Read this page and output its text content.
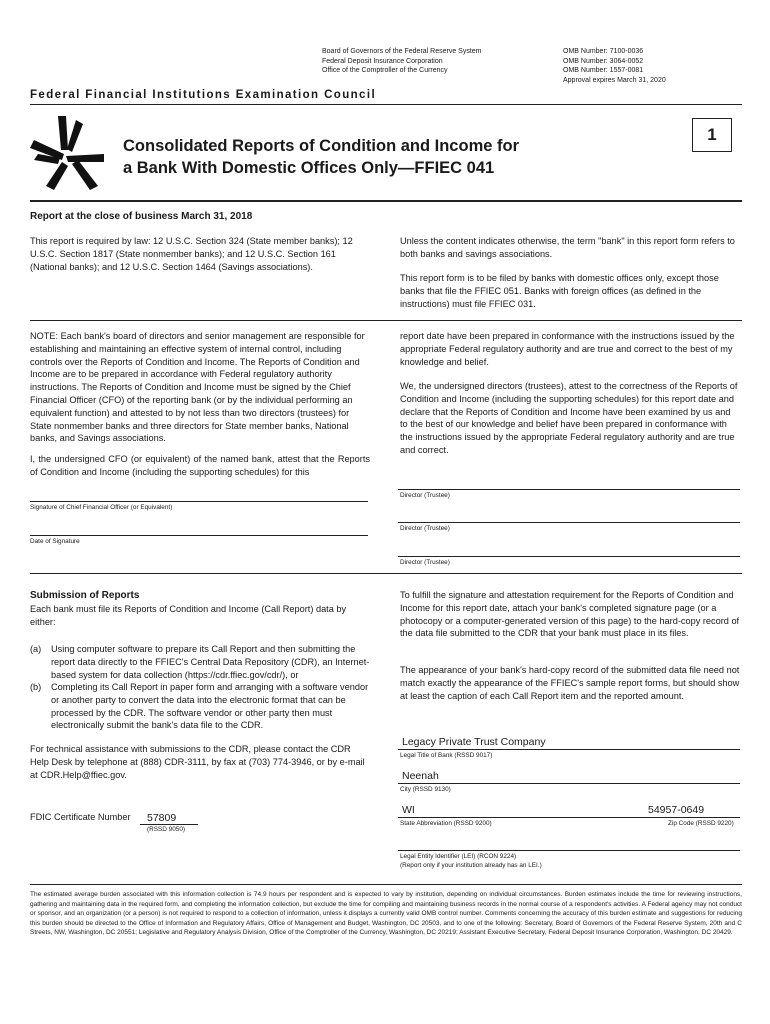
Board of Governors of the Federal Reserve System
Federal Deposit Insurance Corporation
Office of the Comptroller of the Currency
OMB Number: 7100-0036
OMB Number: 3064-0052
OMB Number: 1557-0081
Approval expires March 31, 2020
Federal Financial Institutions Examination Council
Consolidated Reports of Condition and Income for
a Bank With Domestic Offices Only—FFIEC 041
1
Report at the close of business March 31, 2018
This report is required by law: 12 U.S.C. Section 324 (State member banks); 12 U.S.C. Section 1817 (State nonmember banks); and 12 U.S.C. Section 161 (National banks); and 12 U.S.C. Section 1464 (Savings associations).
Unless the content indicates otherwise, the term "bank" in this report form refers to both banks and savings associations.
This report form is to be filed by banks with domestic offices only, except those banks that file the FFIEC 051. Banks with foreign offices (as defined in the instructions) must file FFIEC 031.
NOTE: Each bank's board of directors and senior management are responsible for establishing and maintaining an effective system of internal control, including controls over the Reports of Condition and Income. The Reports of Condition and Income are to be prepared in accordance with Federal regulatory authority instructions. The Reports of Condition and Income must be signed by the Chief Financial Officer (CFO) of the reporting bank (or by the individual performing an equivalent function) and attested to by not less than two directors (trustees) for State nonmember banks and three directors for State member banks, National banks, and Savings associations.
I, the undersigned CFO (or equivalent) of the named bank, attest that the Reports of Condition and Income (including the supporting schedules) for this
report date have been prepared in conformance with the instructions issued by the appropriate Federal regulatory authority and are true and correct to the best of my knowledge and belief.
We, the undersigned directors (trustees), attest to the correctness of the Reports of Condition and Income (including the supporting schedules) for this report date and declare that the Reports of Condition and Income have been examined by us and to the best of our knowledge and belief have been prepared in conformance with the instructions issued by the appropriate Federal regulatory authority and are true and correct.
Director (Trustee)
Signature of Chief Financial Officer (or Equivalent)
Director (Trustee)
Date of Signature
Director (Trustee)
Submission of Reports
Each bank must file its Reports of Condition and Income (Call Report) data by either:
(a) Using computer software to prepare its Call Report and then submitting the report data directly to the FFIEC's Central Data Repository (CDR), an Internet-based system for data collection (https://cdr.ffiec.gov/cdr/), or
(b) Completing its Call Report in paper form and arranging with a software vendor or another party to convert the data into the electronic format that can be processed by the CDR. The software vendor or other party then must electronically submit the bank's data file to the CDR.
For technical assistance with submissions to the CDR, please contact the CDR Help Desk by telephone at (888) CDR-3111, by fax at (703) 774-3946, or by e-mail at CDR.Help@ffiec.gov.
To fulfill the signature and attestation requirement for the Reports of Condition and Income for this report date, attach your bank's completed signature page (or a photocopy or a computer-generated version of this page) to the hard-copy record of the data file submitted to the CDR that your bank must place in its files.
The appearance of your bank's hard-copy record of the submitted data file need not match exactly the appearance of the FFIEC's sample report forms, but should show at least the caption of each Call Report item and the reported amount.
FDIC Certificate Number 57809
(RSSD 9050)
Legacy Private Trust Company
Legal Title of Bank (RSSD 9017)
Neenah
City (RSSD 9130)
WI	54957-0649
State Abbreviation (RSSD 9200)	Zip Code (RSSD 9220)
Legal Entity Identifier (LEI) (RCON 9224)
(Report only if your institution already has an LEI.)
The estimated average burden associated with this information collection is 74.9 hours per respondent and is expected to vary by institution, depending on individual circumstances. Burden estimates include the time for reviewing instructions, gathering and maintaining data in the required form, and completing the information collection, but exclude the time for compiling and maintaining business records in the normal course of a respondent's activities. A Federal agency may not conduct or sponsor, and an organization (or a person) is not required to respond to a collection of information, unless it displays a currently valid OMB control number. Comments concerning the accuracy of this burden estimate and suggestions for reducing this burden should be directed to the Office of Information and Regulatory Affairs, Office of Management and Budget, Washington, DC 20503, and to one of the following: Secretary, Board of Governors of the Federal Reserve System, 20th and C Streets, NW, Washington, DC 20551; Legislative and Regulatory Analysis Division, Office of the Comptroller of the Currency, Washington, DC 20219; Assistant Executive Secretary, Federal Deposit Insurance Corporation, Washington, DC 20429.
